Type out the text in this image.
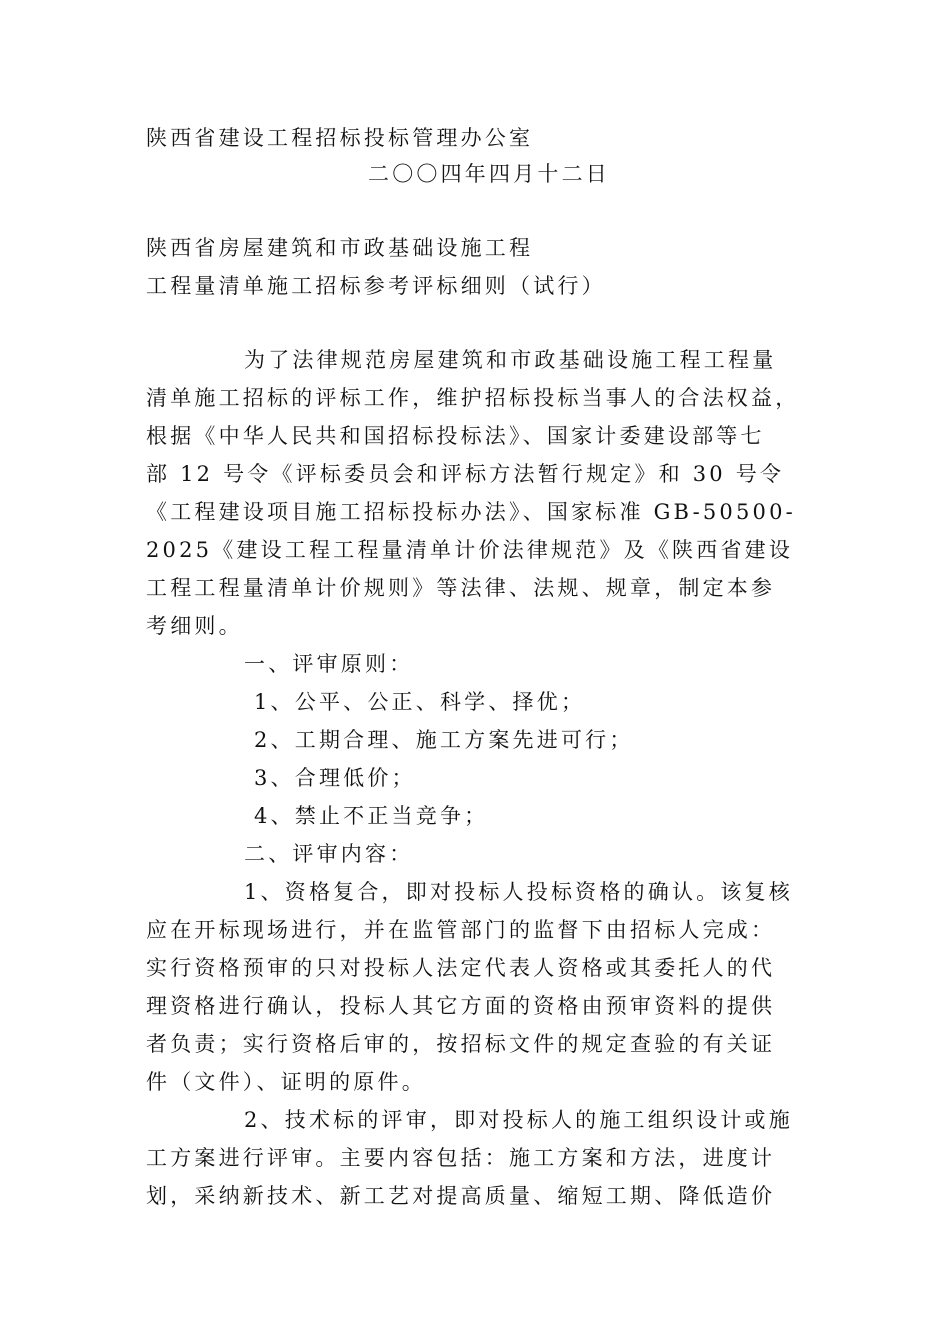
陕西省建设工程招标投标管理办公室
二〇〇四年四月十二日
陕西省房屋建筑和市政基础设施工程
工程量清单施工招标参考评标细则（试行）
为了法律规范房屋建筑和市政基础设施工程工程量
清单施工招标的评标工作，维护招标投标当事人的合法权益，
根据《中华人民共和国招标投标法》、国家计委建设部等七
部 12 号令《评标委员会和评标方法暂行规定》和 30 号令
《工程建设项目施工招标投标办法》、国家标准 GB-50500-
2025《建设工程工程量清单计价法律规范》及《陕西省建设
工程工程量清单计价规则》等法律、法规、规章，制定本参
考细则。
一、评审原则：
1、公平、公正、科学、择优；
2、工期合理、施工方案先进可行；
3、合理低价；
4、禁止不正当竞争；
二、评审内容：
1、资格复合，即对投标人投标资格的确认。该复核
应在开标现场进行，并在监管部门的监督下由招标人完成：
实行资格预审的只对投标人法定代表人资格或其委托人的代
理资格进行确认，投标人其它方面的资格由预审资料的提供
者负责；实行资格后审的，按招标文件的规定查验的有关证
件（文件）、证明的原件。
2、技术标的评审，即对投标人的施工组织设计或施
工方案进行评审。主要内容包括：施工方案和方法，进度计
划，采纳新技术、新工艺对提高质量、缩短工期、降低造价
